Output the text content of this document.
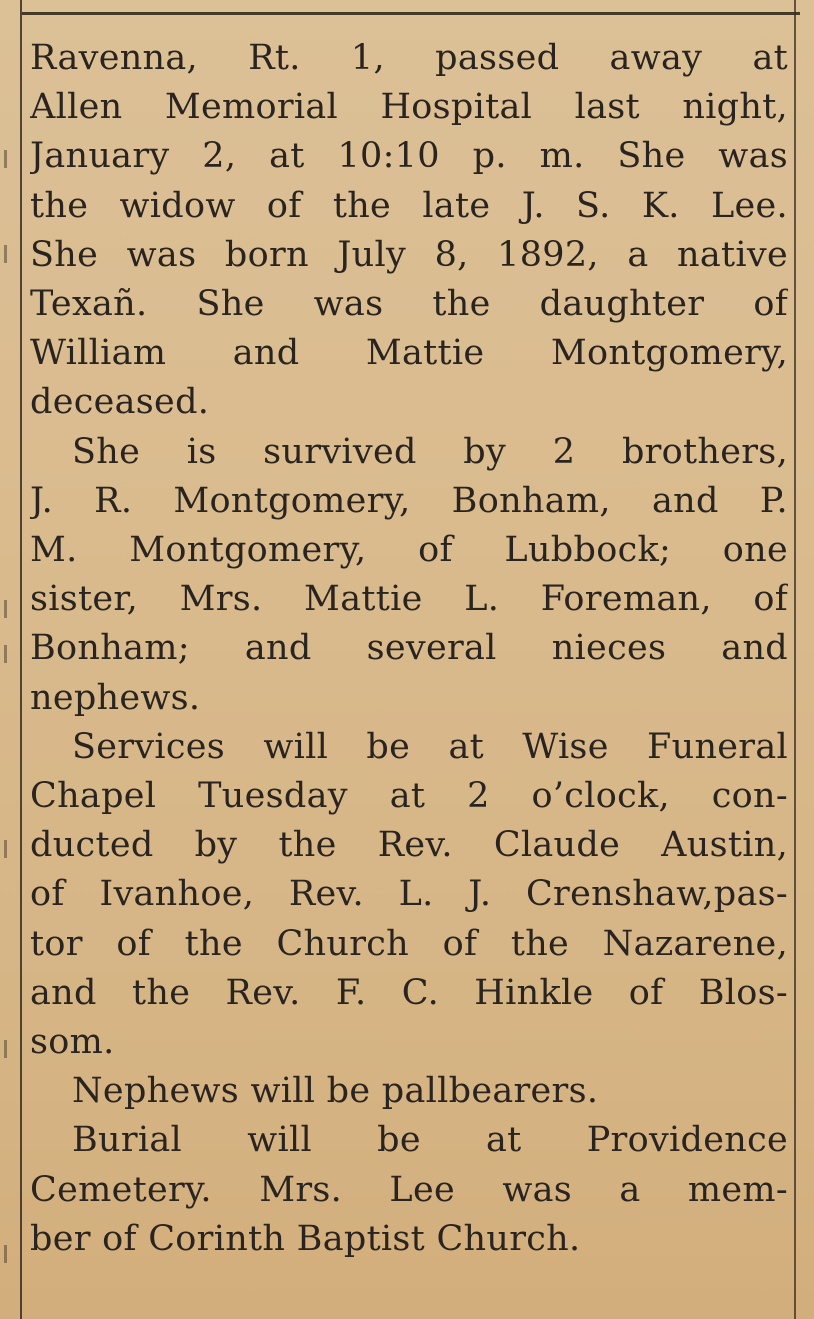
Ravenna, Rt. 1, passed away at
Allen Memorial Hospital last night,
January 2, at 10:10 p. m. She was
the widow of the late J. S. K. Lee.
She was born July 8, 1892, a native
Texañ. She was the daughter of
William and Mattie Montgomery,
deceased.

She is survived by 2 brothers,
J. R. Montgomery, Bonham, and P.
M. Montgomery, of Lubbock; one
sister, Mrs. Mattie L. Foreman, of
Bonham; and several nieces and
nephews.

Services will be at Wise Funeral
Chapel Tuesday at 2 o’clock, con-
ducted by the Rev. Claude Austin,
of Ivanhoe, Rev. L. J. Crenshaw,pas-
tor of the Church of the Nazarene,
and the Rev. F. C. Hinkle of Blos-
som.

Nephews will be pallbearers.

Burial will be at Providence
Cemetery. Mrs. Lee was a mem-
ber of Corinth Baptist Church.
